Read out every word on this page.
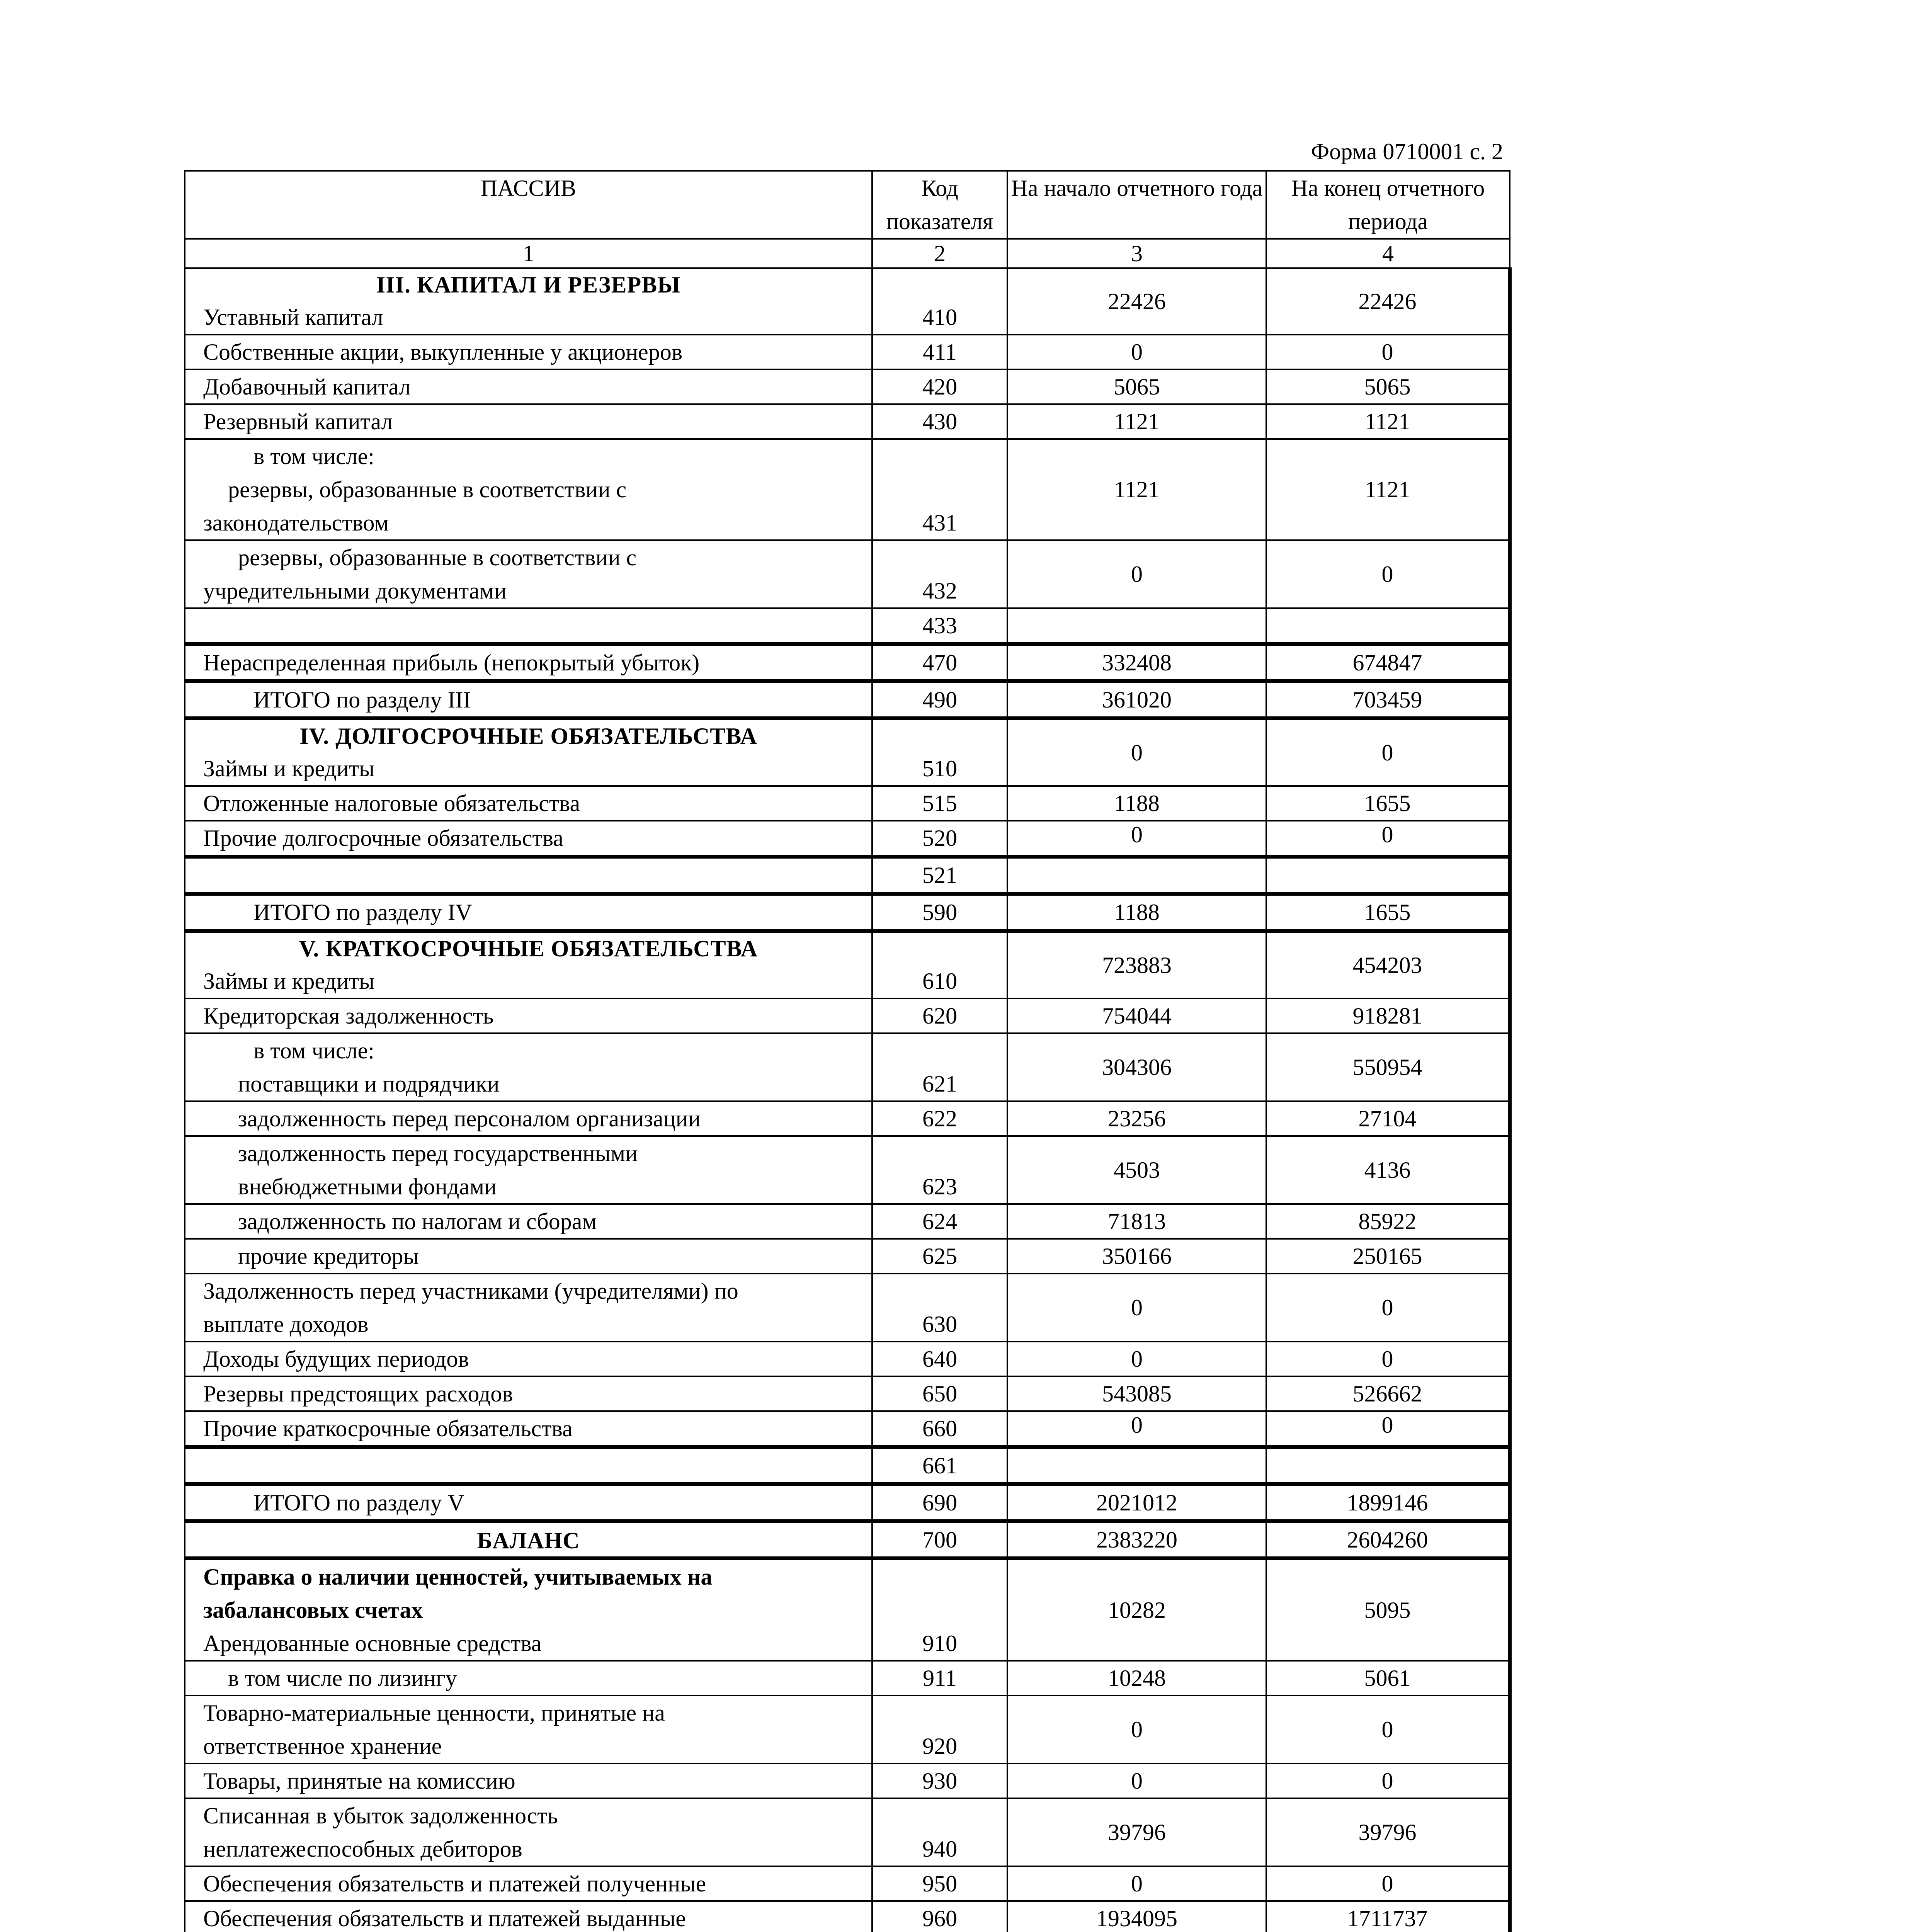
Форма 0710001 с. 2
ПАССИВ	Код показателя	На начало отчетного года	На конец отчетного периода

1	2	3	4

III. КАПИТАЛ И РЕЗЕРВЫ
Уставный капитал	410	22426	22426

Собственные акции, выкупленные у акционеров	411	0	0

Добавочный капитал	420	5065	5065

Резервный капитал	430	1121	1121

в том числе:
резервы, образованные в соответствии с
законодательством	431	1121	1121

резервы, образованные в соответствии с
учредительными документами	432	0	0

	433		

Нераспределенная прибыль (непокрытый убыток)	470	332408	674847

ИТОГО по разделу III	490	361020	703459

IV. ДОЛГОСРОЧНЫЕ ОБЯЗАТЕЛЬСТВА
Займы и кредиты	510	0	0

Отложенные налоговые обязательства	515	1188	1655

Прочие долгосрочные обязательства	520	0	0

	521		

ИТОГО по разделу IV	590	1188	1655

V. КРАТКОСРОЧНЫЕ ОБЯЗАТЕЛЬСТВА
Займы и кредиты	610	723883	454203

Кредиторская задолженность	620	754044	918281

в том числе:
поставщики и подрядчики	621	304306	550954

задолженность перед персоналом организации	622	23256	27104

задолженность перед государственными
внебюджетными фондами	623	4503	4136

задолженность по налогам и сборам	624	71813	85922

прочие кредиторы	625	350166	250165

Задолженность перед участниками (учредителями) по
выплате доходов	630	0	0

Доходы будущих периодов	640	0	0

Резервы предстоящих расходов	650	543085	526662

Прочие краткосрочные обязательства	660	0	0

	661		

ИТОГО по разделу V	690	2021012	1899146

БАЛАНС	700	2383220	2604260

Справка о наличии ценностей, учитываемых на
забалансовых счетах
Арендованные основные средства	910	10282	5095

в том числе по лизингу	911	10248	5061

Товарно-материальные ценности, принятые на
ответственное хранение	920	0	0

Товары, принятые на комиссию	930	0	0

Списанная в убыток задолженность
неплатежеспособных дебиторов	940	39796	39796

Обеспечения обязательств и платежей полученные	950	0	0

Обеспечения обязательств и платежей выданные	960	1934095	1711737
